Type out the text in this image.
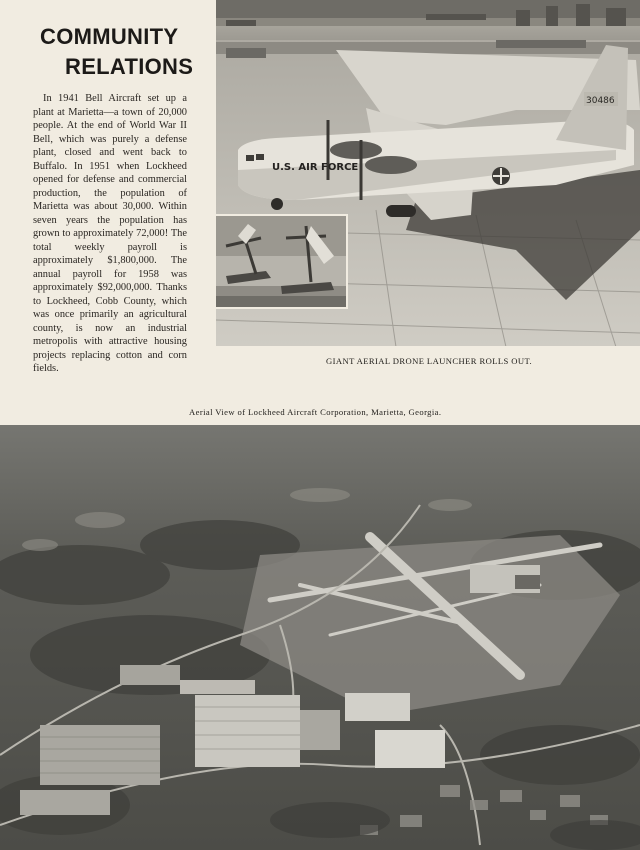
COMMUNITY
RELATIONS

In 1941 Bell Aircraft set up a plant at Marietta—a town of 20,000 people. At the end of World War II Bell, which was purely a defense plant, closed and went back to Buffalo. In 1951 when Lockheed opened for defense and commercial production, the population of Marietta was about 30,000. Within seven years the population has grown to approximately 72,000! The total weekly payroll is approximately $1,800,000. The annual payroll for 1958 was approximately $92,000,000. Thanks to Lockheed, Cobb County, which was once primarily an agricultural county, is now an industrial metropolis with attractive housing projects replacing cotton and corn fields.

30486
U.S. AIR FORCE
GIANT AERIAL DRONE LAUNCHER ROLLS OUT.
Aerial View of Lockheed Aircraft Corporation, Marietta, Georgia.
